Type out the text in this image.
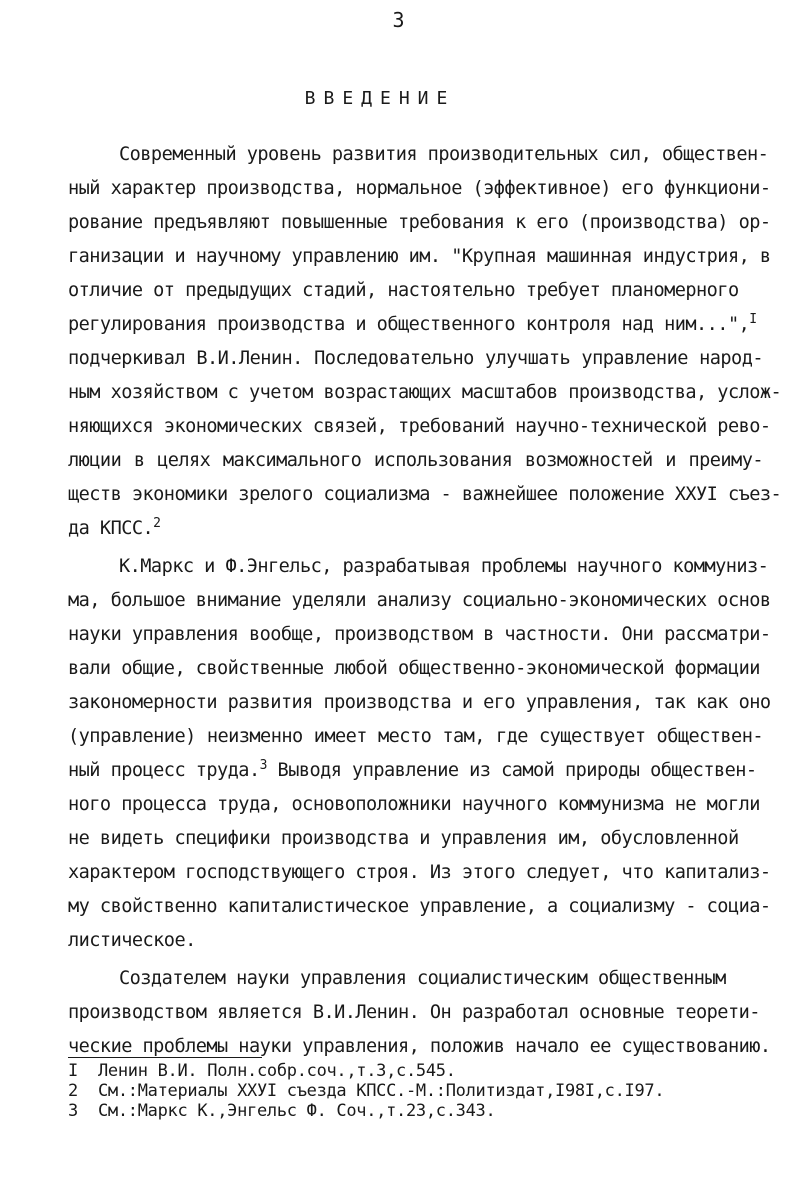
3
ВВЕДЕНИЕ
Современный уровень развития производительных сил, обществен-
ный характер производства, нормальное (эффективное) его функциони-
рование предъявляют повышенные требования к его (производства) ор-
ганизации и научному управлению им. "Крупная машинная индустрия, в
отличие от предыдущих стадий, настоятельно требует планомерного
регулирования производства и общественного контроля над ним...",$^I$
подчеркивал В.И.Ленин. Последовательно улучшать управление народ-
ным хозяйством с учетом возрастающих масштабов производства, услож-
няющихся экономических связей, требований научно-технической рево-
люции в целях максимального использования возможностей и преиму-
ществ экономики зрелого социализма - важнейшее положение ХХУI съез-
да КПСС.$^2$
К.Маркс и Ф.Энгельс, разрабатывая проблемы научного коммуниз-
ма, большое внимание уделяли анализу социально-экономических основ
науки управления вообще, производством в частности. Они рассматри-
вали общие, свойственные любой общественно-экономической формации
закономерности развития производства и его управления, так как оно
(управление) неизменно имеет место там, где существует обществен-
ный процесс труда.$^3$ Выводя управление из самой природы обществен-
ного процесса труда, основоположники научного коммунизма не могли
не видеть специфики производства и управления им, обусловленной
характером господствующего строя. Из этого следует, что капитализ-
му свойственно капиталистическое управление, а социализму - социа-
листическое.
Создателем науки управления социалистическим общественным
производством является В.И.Ленин. Он разработал основные теорети-
ческие проблемы науки управления, положив начало ее существованию.
I Ленин В.И. Полн.собр.соч.,т.3,с.545.
2 См.:Материалы ХХУI съезда КПСС.-М.:Политиздат,I98I,с.I97.
3 См.:Маркс К.,Энгельс Ф. Соч.,т.23,с.343.
